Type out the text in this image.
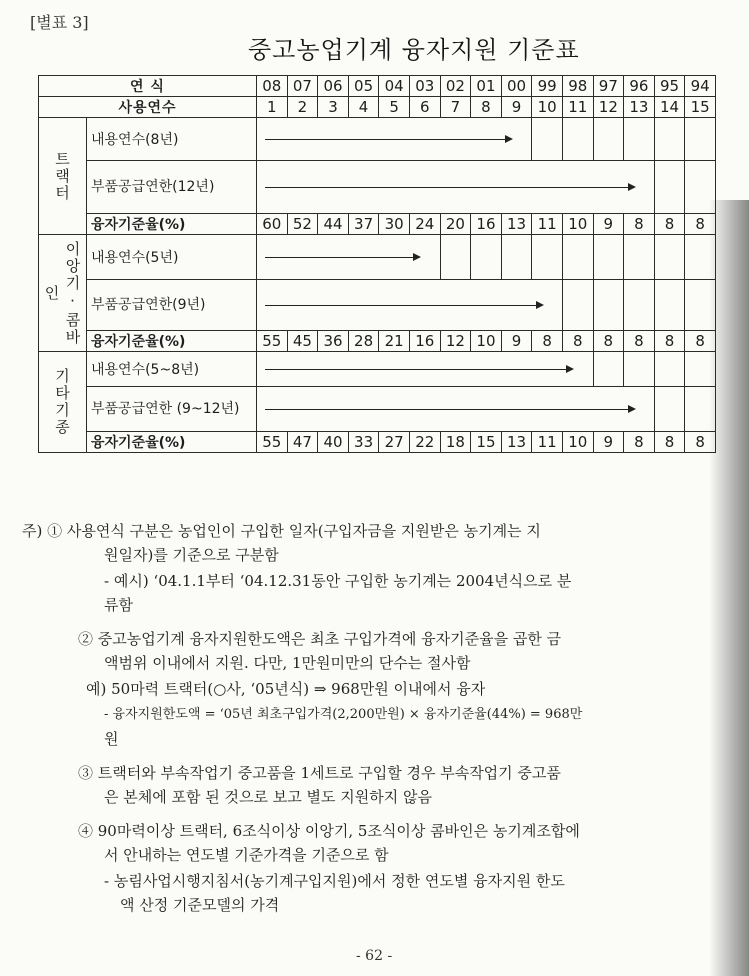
[별표 3]
중고농업기계 융자지원 기준표
연 식		08	07	06	05	04	03	02	01	00	99	98	97	96	95	94
사용연수		1	2	3	4	5	6	7	8	9	10	11	12	13	14	15
트랙터	내용연수(8년)									

	부품공급연한(12년)													

	융자기준율(%)	60	52	44	37	30	24	20	16	13	11	10	9	8	8	8
이앙기·콤바인	내용연수(5년)						

	부품공급연한(9년)										

	융자기준율(%)	55	45	36	28	21	16	12	10	9	8	8	8	8	8	8
기타기종	내용연수(5~8년)											

	부품공급연한 (9~12년)													

	융자기준율(%)	55	47	40	33	27	22	18	15	13	11	10	9	8	8	8
주) ① 사용연식 구분은 농업인이 구입한 일자(구입자금을 지원받은 농기계는 지
원일자)를 기준으로 구분함
- 예시) ‘04.1.1부터 ‘04.12.31동안 구입한 농기계는 2004년식으로 분
류함
② 중고농업기계 융자지원한도액은 최초 구입가격에 융자기준율을 곱한 금
액범위 이내에서 지원. 다만, 1만원미만의 단수는 절사함
예) 50마력 트랙터(○사, ‘05년식) ⇒ 968만원 이내에서 융자
- 융자지원한도액 = ‘05년 최초구입가격(2,200만원) × 융자기준율(44%) = 968만
원
③ 트랙터와 부속작업기 중고품을 1세트로 구입할 경우 부속작업기 중고품
은 본체에 포함 된 것으로 보고 별도 지원하지 않음
④ 90마력이상 트랙터, 6조식이상 이앙기, 5조식이상 콤바인은 농기계조합에
서 안내하는 연도별 기준가격을 기준으로 함
- 농림사업시행지침서(농기계구입지원)에서 정한 연도별 융자지원 한도
액 산정 기준모델의 가격
- 62 -
